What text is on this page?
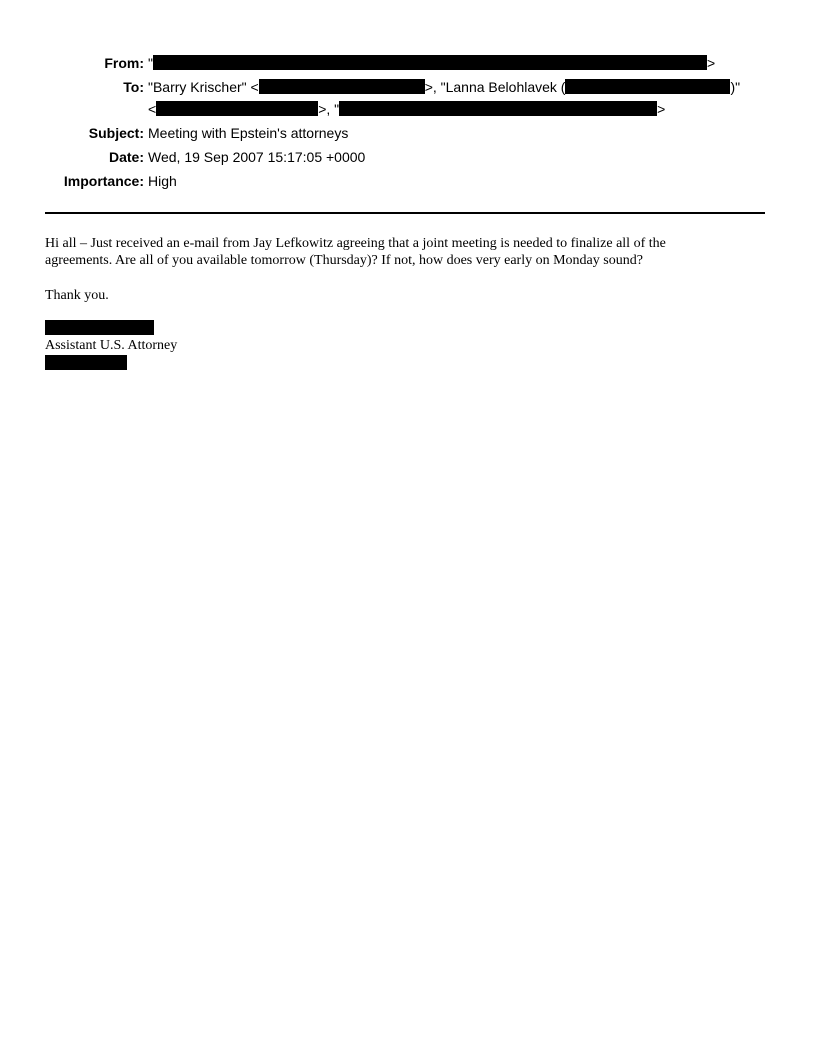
From: "	>
To: "Barry Krischer" <	>, "Lanna Belohlavek (	)"
<	>, "	>
Subject: Meeting with Epstein's attorneys
Date: Wed, 19 Sep 2007 15:17:05 +0000
Importance: High

Hi all – Just received an e-mail from Jay Lefkowitz agreeing that a joint meeting is needed to finalize all of the agreements. Are all of you available tomorrow (Thursday)? If not, how does very early on Monday sound?

Thank you.

Assistant U.S. Attorney
